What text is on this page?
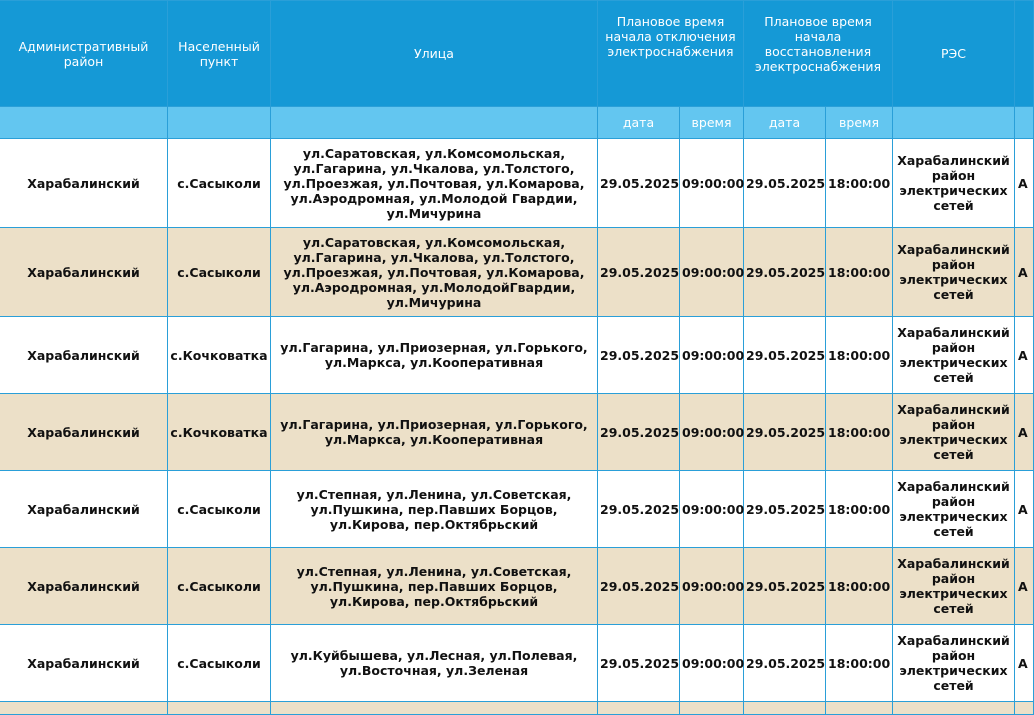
Административный район	Населенный пункт	Улица	Плановое время начала отключения электроснабжения		Плановое время начала восстановления электроснабжения		РЭС	
			дата	время	дата	время		
Харабалинский	с.Сасыколи	ул.Саратовская, ул.Комсомольская, ул.Гагарина, ул.Чкалова, ул.Толстого, ул.Проезжая, ул.Почтовая, ул.Комарова, ул.Аэродромная, ул.Молодой Гвардии, ул.Мичурина	29.05.2025	09:00:00	29.05.2025	18:00:00	Харабалинский район электрических сетей	А
Харабалинский	с.Сасыколи	ул.Саратовская, ул.Комсомольская, ул.Гагарина, ул.Чкалова, ул.Толстого, ул.Проезжая, ул.Почтовая, ул.Комарова, ул.Аэродромная, ул.МолодойГвардии, ул.Мичурина	29.05.2025	09:00:00	29.05.2025	18:00:00	Харабалинский район электрических сетей	А
Харабалинский	с.Кочковатка	ул.Гагарина, ул.Приозерная, ул.Горького, ул.Маркса, ул.Кооперативная	29.05.2025	09:00:00	29.05.2025	18:00:00	Харабалинский район электрических сетей	А
Харабалинский	с.Кочковатка	ул.Гагарина, ул.Приозерная, ул.Горького, ул.Маркса, ул.Кооперативная	29.05.2025	09:00:00	29.05.2025	18:00:00	Харабалинский район электрических сетей	А
Харабалинский	с.Сасыколи	ул.Степная, ул.Ленина, ул.Советская, ул.Пушкина, пер.Павших Борцов, ул.Кирова, пер.Октябрьский	29.05.2025	09:00:00	29.05.2025	18:00:00	Харабалинский район электрических сетей	А
Харабалинский	с.Сасыколи	ул.Степная, ул.Ленина, ул.Советская, ул.Пушкина, пер.Павших Борцов, ул.Кирова, пер.Октябрьский	29.05.2025	09:00:00	29.05.2025	18:00:00	Харабалинский район электрических сетей	А
Харабалинский	с.Сасыколи	ул.Куйбышева, ул.Лесная, ул.Полевая, ул.Восточная, ул.Зеленая	29.05.2025	09:00:00	29.05.2025	18:00:00	Харабалинский район электрических сетей	А
